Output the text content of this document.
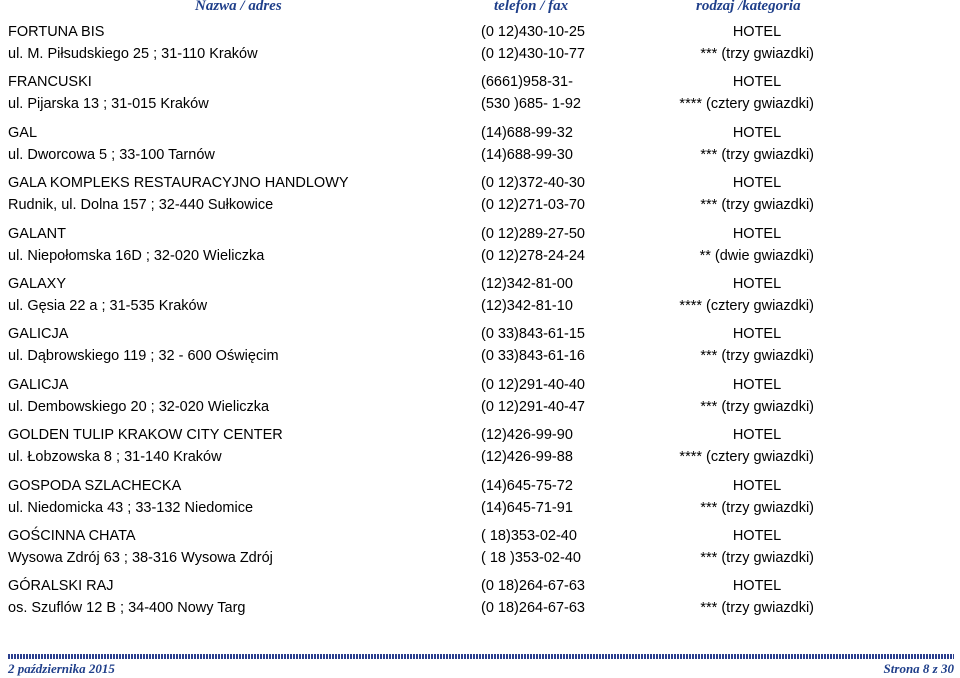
Nazwa / adres	telefon / fax	rodzaj /kategoria
FORTUNA BIS	(0 12)430-10-25	HOTEL
ul. M. Piłsudskiego 25 ; 31-110 Kraków	(0 12)430-10-77	*** (trzy gwiazdki)
FRANCUSKI	(6661)958-31-	HOTEL
ul. Pijarska 13 ; 31-015 Kraków	(530 )685- 1-92	**** (cztery gwiazdki)
GAL	(14)688-99-32	HOTEL
ul. Dworcowa 5 ; 33-100 Tarnów	(14)688-99-30	*** (trzy gwiazdki)
GALA KOMPLEKS RESTAURACYJNO HANDLOWY	(0 12)372-40-30	HOTEL
Rudnik, ul. Dolna 157 ; 32-440 Sułkowice	(0 12)271-03-70	*** (trzy gwiazdki)
GALANT	(0 12)289-27-50	HOTEL
ul. Niepołomska 16D ; 32-020 Wieliczka	(0 12)278-24-24	** (dwie gwiazdki)
GALAXY	(12)342-81-00	HOTEL
ul. Gęsia 22 a ; 31-535 Kraków	(12)342-81-10	**** (cztery gwiazdki)
GALICJA	(0 33)843-61-15	HOTEL
ul. Dąbrowskiego 119 ; 32 - 600 Oświęcim	(0 33)843-61-16	*** (trzy gwiazdki)
GALICJA	(0 12)291-40-40	HOTEL
ul. Dembowskiego 20 ; 32-020 Wieliczka	(0 12)291-40-47	*** (trzy gwiazdki)
GOLDEN TULIP KRAKOW CITY CENTER	(12)426-99-90	HOTEL
ul. Łobzowska 8 ; 31-140 Kraków	(12)426-99-88	**** (cztery gwiazdki)
GOSPODA SZLACHECKA	(14)645-75-72	HOTEL
ul. Niedomicka 43 ; 33-132 Niedomice	(14)645-71-91	*** (trzy gwiazdki)
GOŚCINNA CHATA	( 18)353-02-40	HOTEL
Wysowa Zdrój 63 ; 38-316 Wysowa Zdrój	( 18 )353-02-40	*** (trzy gwiazdki)
GÓRALSKI RAJ	(0 18)264-67-63	HOTEL
os. Szuflów 12 B ; 34-400 Nowy Targ	(0 18)264-67-63	*** (trzy gwiazdki)
2 października 2015	Strona 8 z 30
